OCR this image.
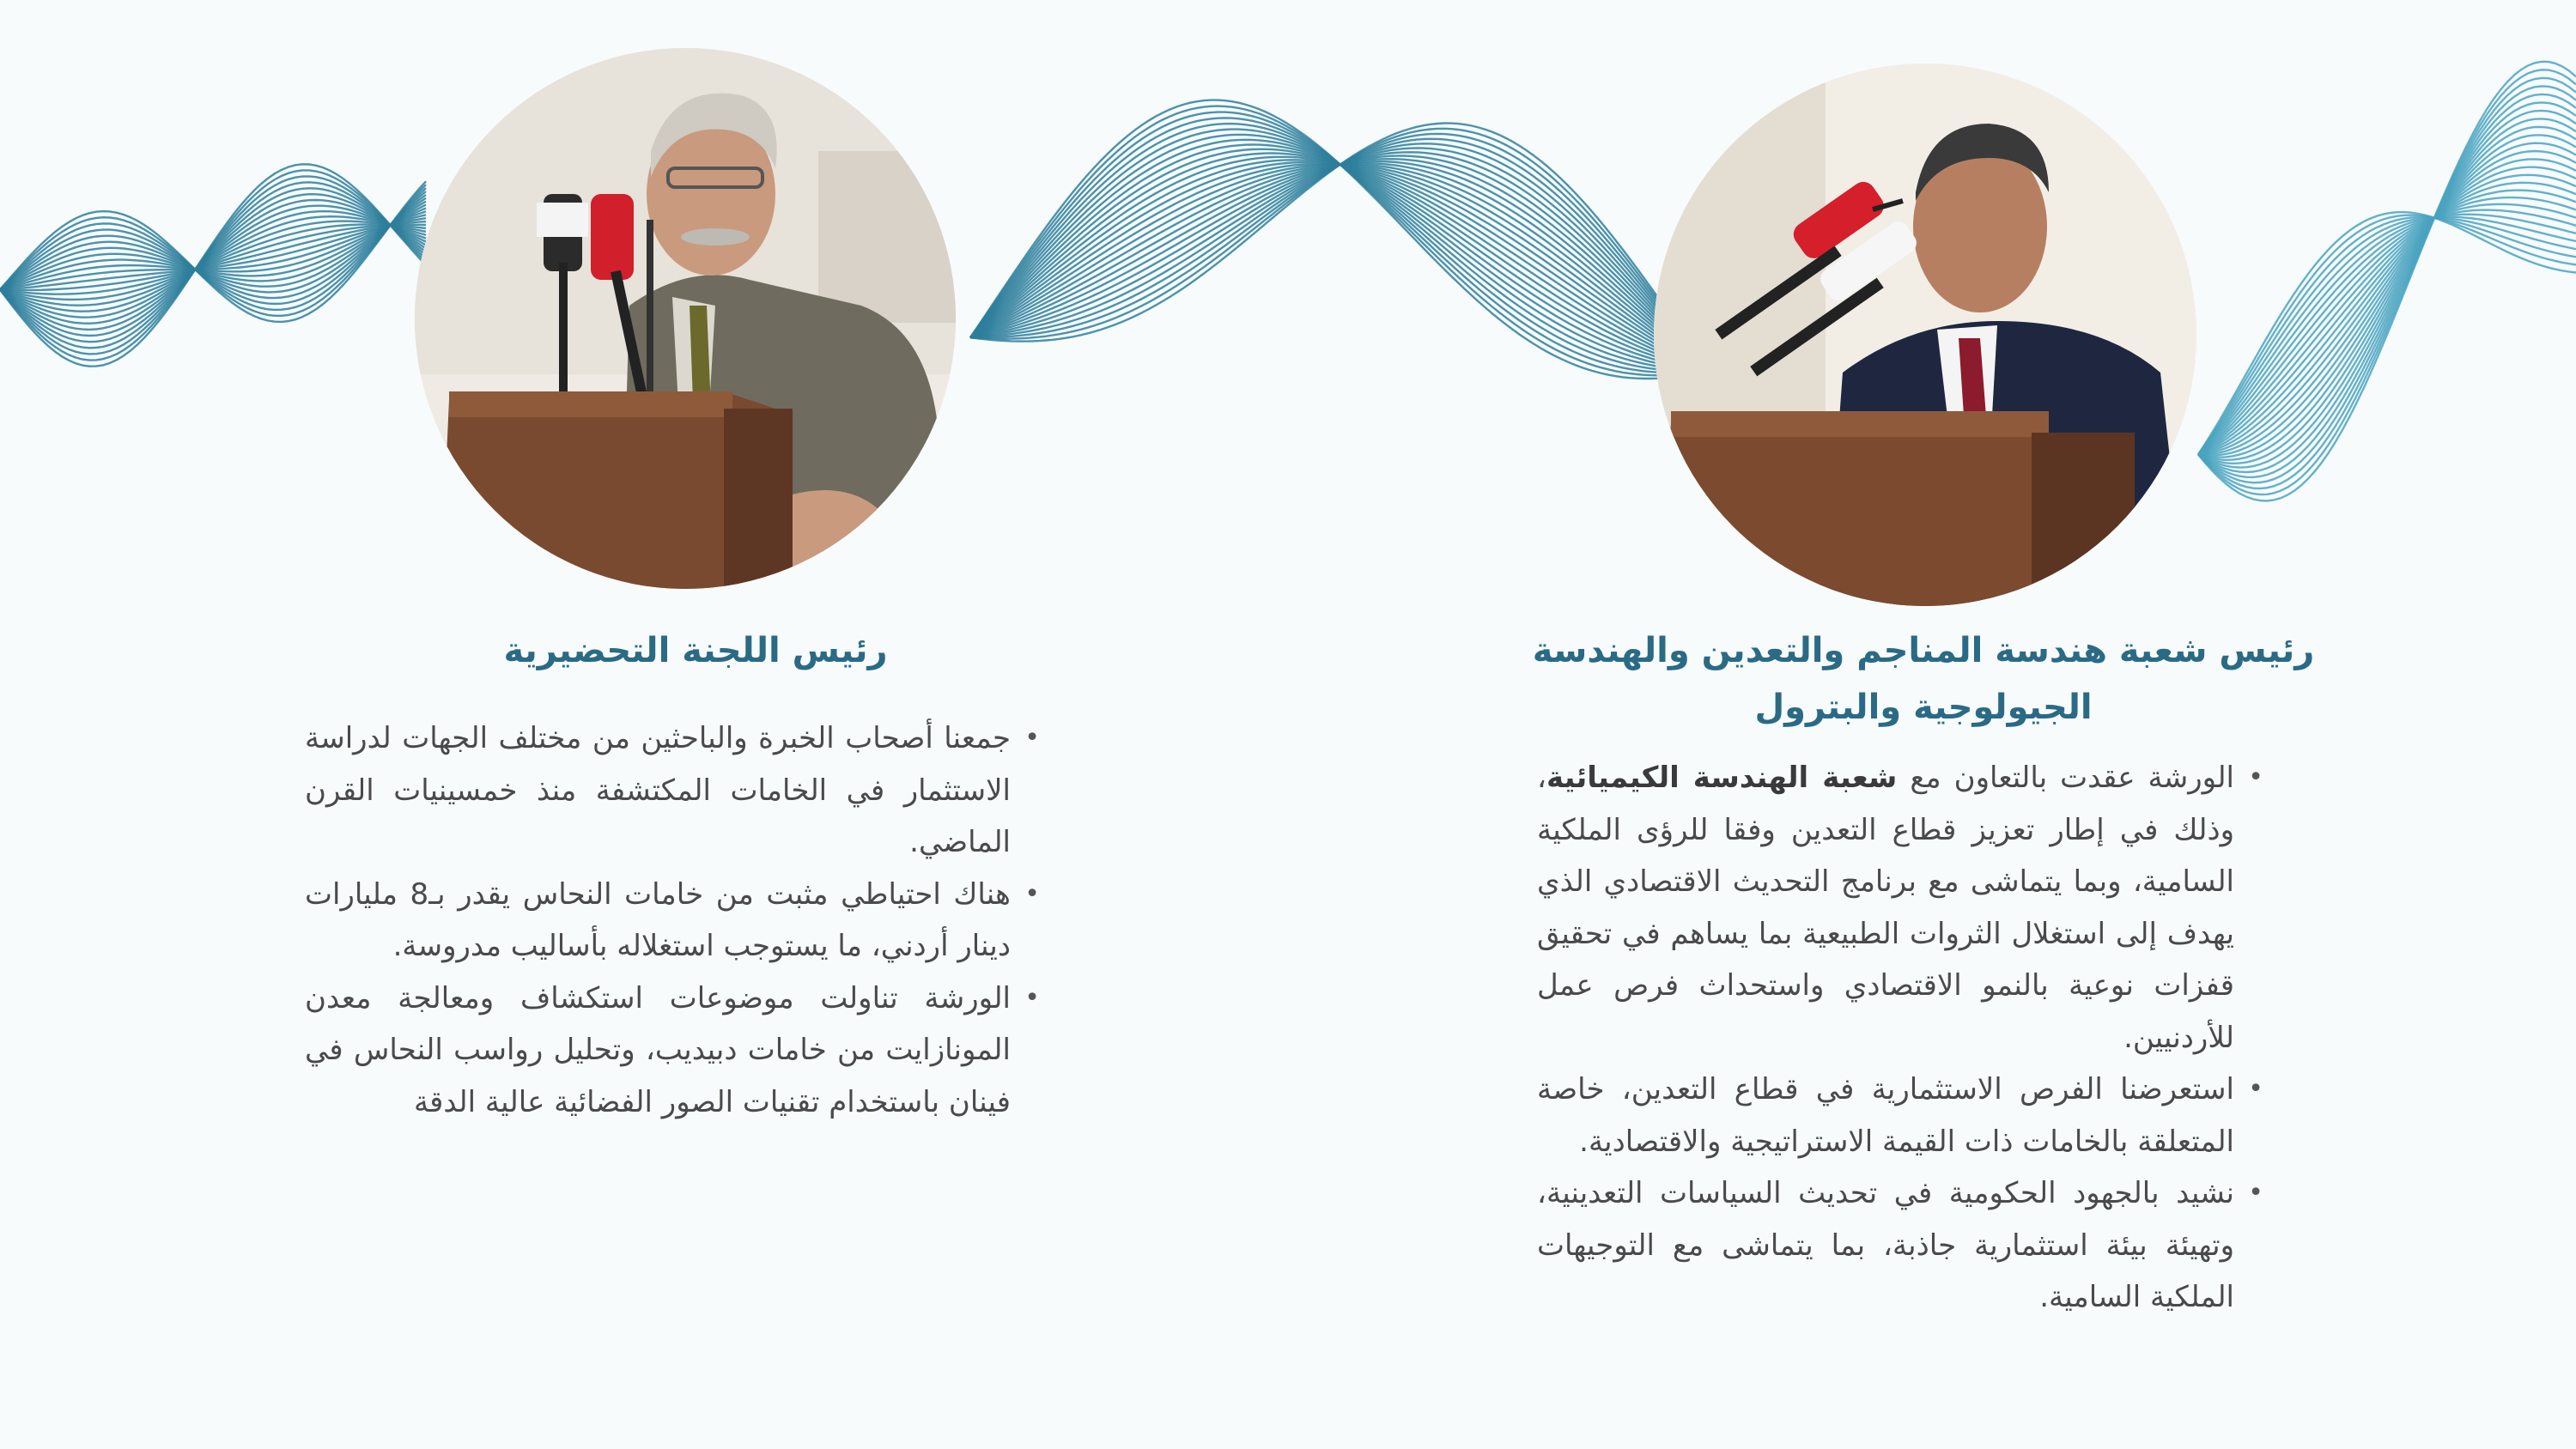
رئيس اللجنة التحضيرية
•
جمعنا أصحاب الخبرة والباحثين من مختلف الجهات لدراسة الاستثمار في الخامات المكتشفة منذ خمسينيات القرن الماضي.
•
هناك احتياطي مثبت من خامات النحاس يقدر بـ8 مليارات دينار أردني، ما يستوجب استغلاله بأساليب مدروسة.
•
الورشة تناولت موضوعات استكشاف ومعالجة معدن المونازايت من خامات دبيديب، وتحليل رواسب النحاس في فينان باستخدام تقنيات الصور الفضائية عالية الدقة
رئيس شعبة هندسة المناجم والتعدين والهندسة الجيولوجية والبترول
•
الورشة عقدت بالتعاون مع شعبة الهندسة الكيميائية، وذلك في إطار تعزيز قطاع التعدين وفقا للرؤى الملكية السامية، وبما يتماشى مع برنامج التحديث الاقتصادي الذي يهدف إلى استغلال الثروات الطبيعية بما يساهم في تحقيق قفزات نوعية بالنمو الاقتصادي واستحداث فرص عمل للأردنيين.
•
استعرضنا الفرص الاستثمارية في قطاع التعدين، خاصة المتعلقة بالخامات ذات القيمة الاستراتيجية والاقتصادية.
•
نشيد بالجهود الحكومية في تحديث السياسات التعدينية، وتهيئة بيئة استثمارية جاذبة، بما يتماشى مع التوجيهات الملكية السامية.
